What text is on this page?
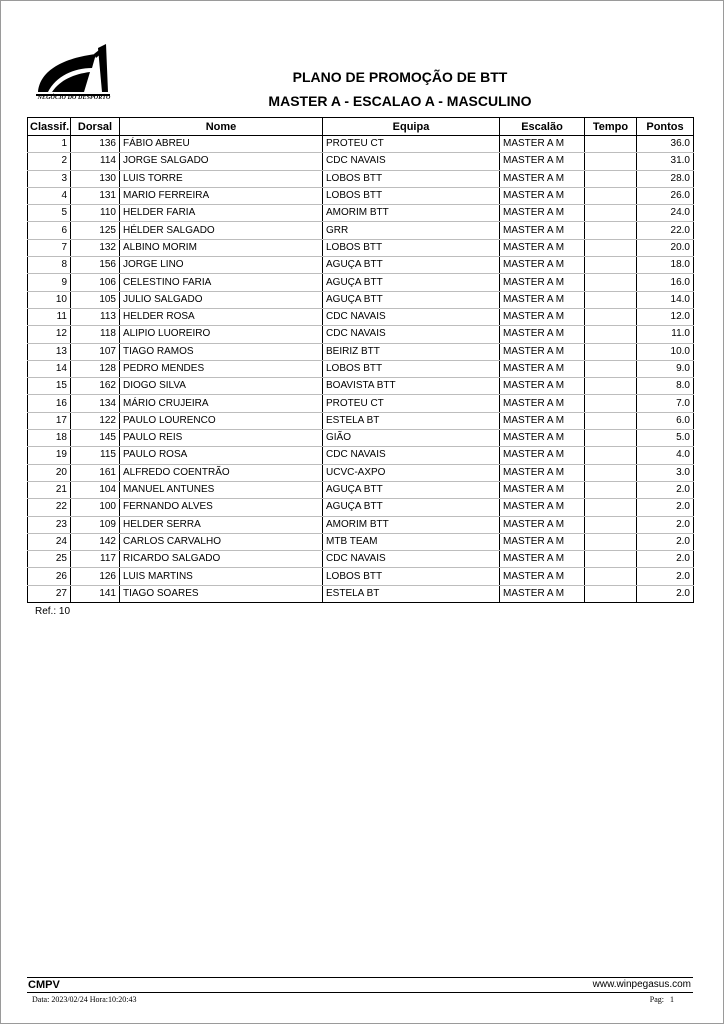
NEGÓCIO DO DESPORTO
PLANO DE PROMOÇÃO DE BTT
MASTER A - ESCALAO A - MASCULINO
Classif.	Dorsal	Nome	Equipa	Escalão	Tempo	Pontos
1	136	FÁBIO ABREU	PROTEU CT	MASTER A M		36.0
2	114	JORGE SALGADO	CDC NAVAIS	MASTER A M		31.0
3	130	LUIS TORRE	LOBOS BTT	MASTER A M		28.0
4	131	MARIO FERREIRA	LOBOS BTT	MASTER A M		26.0
5	110	HELDER FARIA	AMORIM BTT	MASTER A M		24.0
6	125	HÉLDER SALGADO	GRR	MASTER A M		22.0
7	132	ALBINO MORIM	LOBOS BTT	MASTER A M		20.0
8	156	JORGE LINO	AGUÇA BTT	MASTER A M		18.0
9	106	CELESTINO FARIA	AGUÇA BTT	MASTER A M		16.0
10	105	JULIO SALGADO	AGUÇA BTT	MASTER A M		14.0
11	113	HELDER ROSA	CDC NAVAIS	MASTER A M		12.0
12	118	ALIPIO LUOREIRO	CDC NAVAIS	MASTER A M		11.0
13	107	TIAGO RAMOS	BEIRIZ BTT	MASTER A M		10.0
14	128	PEDRO MENDES	LOBOS BTT	MASTER A M		9.0
15	162	DIOGO SILVA	BOAVISTA BTT	MASTER A M		8.0
16	134	MÁRIO CRUJEIRA	PROTEU CT	MASTER A M		7.0
17	122	PAULO LOURENCO	ESTELA BT	MASTER A M		6.0
18	145	PAULO REIS	GIÃO	MASTER A M		5.0
19	115	PAULO ROSA	CDC NAVAIS	MASTER A M		4.0
20	161	ALFREDO COENTRÃO	UCVC-AXPO	MASTER A M		3.0
21	104	MANUEL ANTUNES	AGUÇA BTT	MASTER A M		2.0
22	100	FERNANDO ALVES	AGUÇA BTT	MASTER A M		2.0
23	109	HELDER SERRA	AMORIM BTT	MASTER A M		2.0
24	142	CARLOS CARVALHO	MTB TEAM	MASTER A M		2.0
25	117	RICARDO SALGADO	CDC NAVAIS	MASTER A M		2.0
26	126	LUIS MARTINS	LOBOS BTT	MASTER A M		2.0
27	141	TIAGO SOARES	ESTELA BT	MASTER A M		2.0
Ref.: 10
CMPV	www.winpegasus.com
Data: 2023/02/24 Hora:10:20:43	Pag: 1
